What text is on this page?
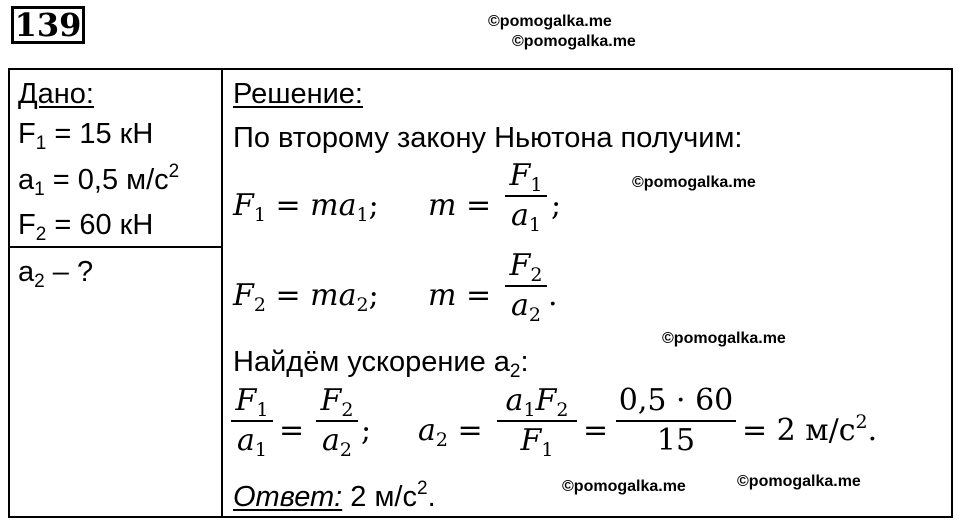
139	©pomogalka.me
©pomogalka.me
©pomogalka.me
©pomogalka.me
©pomogalka.me	©pomogalka.me
Дано:
$F_1 = 15$ кН
$a_1 = 0,5$ $м/с^2$
$F_2 = 60$ кН
$a_2$ – ?
Решение:
По второму закону Ньютона получим:
$F_1 = ma_1$; m =
$F_1$
$a_1$
;
$F_2 = ma_2$; m =
$F_2$
$a_2$
.
Найдём ускорение $a_2$:
$F_1$
$a_1$
=
$F_2$
$a_2$
; $a_2$ =
$a_1F_2$
$F_1$
=
0,5 · 60
15	= 2 $м/с^2$.
Ответ: 2 $м/с^2$.
